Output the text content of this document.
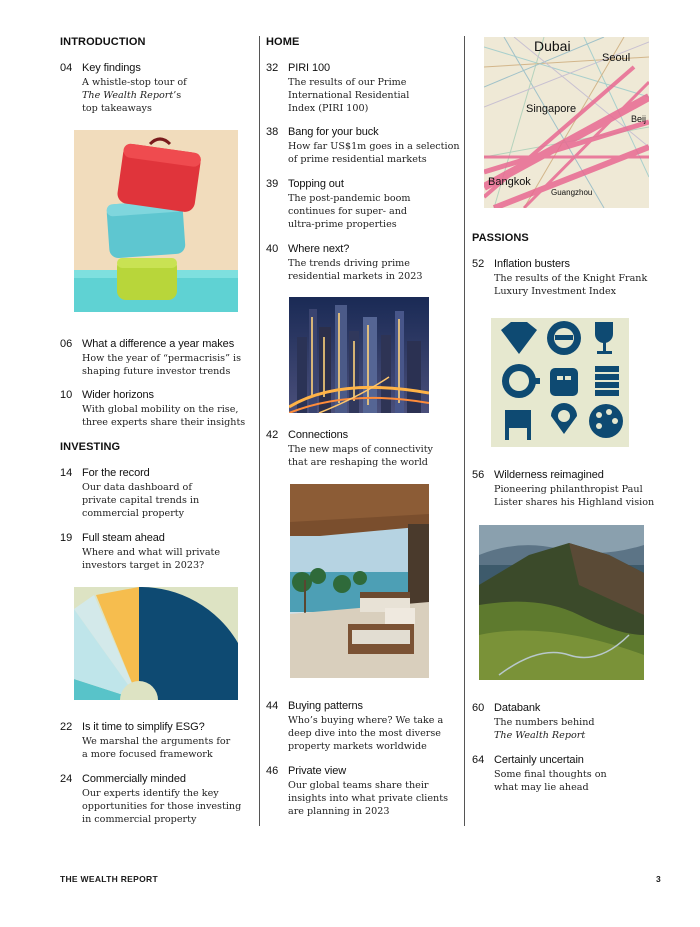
INTRODUCTION
04 Key findings
A whistle-stop tour of
The Wealth Report’s
top takeaways
06 What a difference a year makes
How the year of “permacrisis” is
shaping future investor trends
10 Wider horizons
With global mobility on the rise,
three experts share their insights
INVESTING
14 For the record
Our data dashboard of
private capital trends in
commercial property
19 Full steam ahead
Where and what will private
investors target in 2023?
22 Is it time to simplify ESG?
We marshal the arguments for
a more focused framework
24 Commercially minded
Our experts identify the key
opportunities for those investing
in commercial property
HOME
32 PIRI 100
The results of our Prime
International Residential
Index (PIRI 100)
38 Bang for your buck
How far US$1m goes in a selection
of prime residential markets
39 Topping out
The post-pandemic boom
continues for super- and
ultra-prime properties
40 Where next?
The trends driving prime
residential markets in 2023
42 Connections
The new maps of connectivity
that are reshaping the world
44 Buying patterns
Who’s buying where? We take a
deep dive into the most diverse
property markets worldwide
46 Private view
Our global teams share their
insights into what private clients
are planning in 2023
Dubai
Seoul
Singapore
Beij
Bangkok
Guangzhou
PASSIONS
52 Inflation busters
The results of the Knight Frank
Luxury Investment Index
56 Wilderness reimagined
Pioneering philanthropist Paul
Lister shares his Highland vision
60 Databank
The numbers behind
The Wealth Report
64 Certainly uncertain
Some final thoughts on
what may lie ahead
THE WEALTH REPORT	3
